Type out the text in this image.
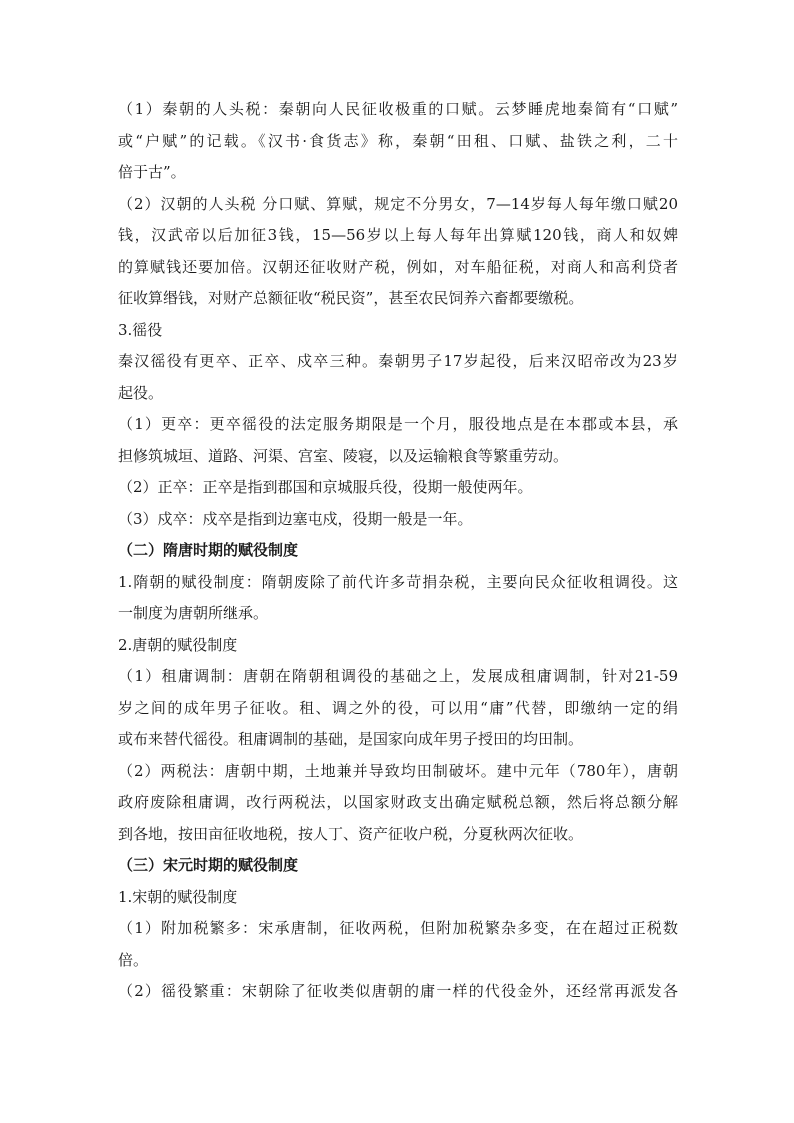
（1）秦朝的人头税：秦朝向人民征收极重的口赋。云梦睡虎地秦简有“口赋”
或“户赋”的记载。《汉书·食货志》称，秦朝“田租、口赋、盐铁之利，二十
倍于古”。
（2）汉朝的人头税 分口赋、算赋，规定不分男女，7—14岁每人每年缴口赋20
钱，汉武帝以后加征3钱，15—56岁以上每人每年出算赋120钱，商人和奴婢
的算赋钱还要加倍。汉朝还征收财产税，例如，对车船征税，对商人和高利贷者
征收算缗钱，对财产总额征收“税民资”，甚至农民饲养六畜都要缴税。
3.徭役
秦汉徭役有更卒、正卒、戍卒三种。秦朝男子17岁起役，后来汉昭帝改为23岁
起役。
（1）更卒：更卒徭役的法定服务期限是一个月，服役地点是在本郡或本县，承
担修筑城垣、道路、河渠、宫室、陵寝，以及运输粮食等繁重劳动。
（2）正卒：正卒是指到郡国和京城服兵役，役期一般使两年。
（3）戍卒：戍卒是指到边塞屯戍，役期一般是一年。
（二）隋唐时期的赋役制度
1.隋朝的赋役制度：隋朝废除了前代许多苛捐杂税，主要向民众征收租调役。这
一制度为唐朝所继承。
2.唐朝的赋役制度
（1）租庸调制：唐朝在隋朝租调役的基础之上，发展成租庸调制，针对21-59
岁之间的成年男子征收。租、调之外的役，可以用“庸”代替，即缴纳一定的绢
或布来替代徭役。租庸调制的基础，是国家向成年男子授田的均田制。
（2）两税法：唐朝中期，土地兼并导致均田制破坏。建中元年（780年），唐朝
政府废除租庸调，改行两税法，以国家财政支出确定赋税总额，然后将总额分解
到各地，按田亩征收地税，按人丁、资产征收户税，分夏秋两次征收。
（三）宋元时期的赋役制度
1.宋朝的赋役制度
（1）附加税繁多：宋承唐制，征收两税，但附加税繁杂多变，在在超过正税数
倍。
（2）徭役繁重：宋朝除了征收类似唐朝的庸一样的代役金外，还经常再派发各
